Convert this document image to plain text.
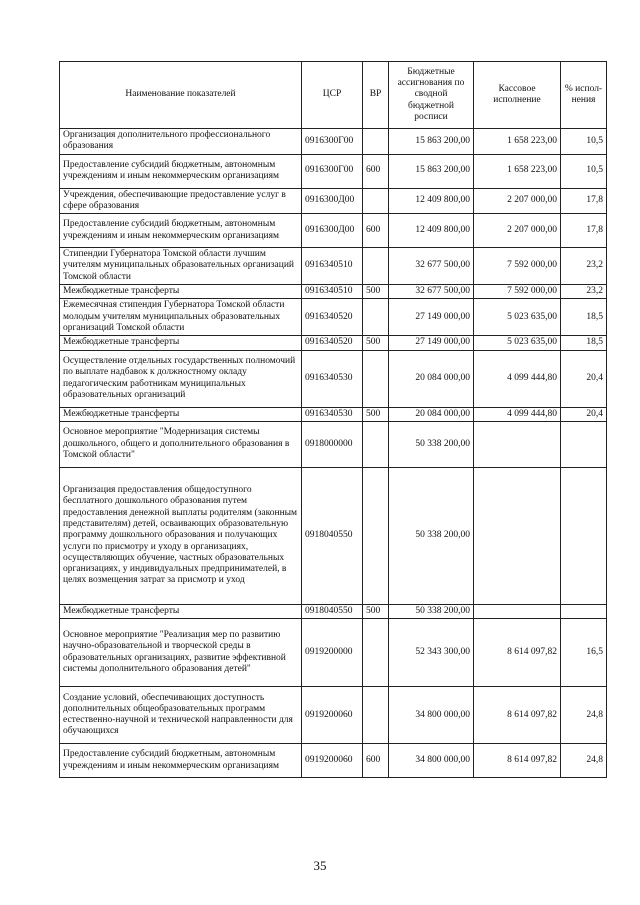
Наименование показателей	ЦСР	ВР	Бюджетные ассигнования по сводной бюджетной росписи	Кассовое исполнение	% испол-нения
Организация дополнительного профессионального образования	0916300Г00		15 863 200,00	1 658 223,00	10,5
Предоставление субсидий бюджетным, автономным учреждениям и иным некоммерческим организациям	0916300Г00	600	15 863 200,00	1 658 223,00	10,5
Учреждения, обеспечивающие предоставление услуг в сфере образования	0916300Д00		12 409 800,00	2 207 000,00	17,8
Предоставление субсидий бюджетным, автономным учреждениям и иным некоммерческим организациям	0916300Д00	600	12 409 800,00	2 207 000,00	17,8
Стипендии Губернатора Томской области лучшим учителям муниципальных образовательных организаций Томской области	0916340510		32 677 500,00	7 592 000,00	23,2
Межбюджетные трансферты	0916340510	500	32 677 500,00	7 592 000,00	23,2
Ежемесячная стипендия Губернатора Томской области молодым учителям муниципальных образовательных организаций Томской области	0916340520		27 149 000,00	5 023 635,00	18,5
Межбюджетные трансферты	0916340520	500	27 149 000,00	5 023 635,00	18,5
Осуществление отдельных государственных полномочий по выплате надбавок к должностному окладу педагогическим работникам муниципальных образовательных организаций	0916340530		20 084 000,00	4 099 444,80	20,4
Межбюджетные трансферты	0916340530	500	20 084 000,00	4 099 444,80	20,4
Основное мероприятие "Модернизация системы дошкольного, общего и дополнительного образования в Томской области"	0918000000		50 338 200,00		
Организация предоставления общедоступного бесплатного дошкольного образования путем предоставления денежной выплаты родителям (законным представителям) детей, осваивающих образовательную программу дошкольного образования и получающих услуги по присмотру и уходу в организациях, осуществляющих обучение, частных образовательных организациях, у индивидуальных предпринимателей, в целях возмещения затрат за присмотр и уход	0918040550		50 338 200,00		
Межбюджетные трансферты	0918040550	500	50 338 200,00		
Основное мероприятие "Реализация мер по развитию научно-образовательной и творческой среды в образовательных организациях, развитие эффективной системы дополнительного образования детей"	0919200000		52 343 300,00	8 614 097,82	16,5
Создание условий, обеспечивающих доступность дополнительных общеобразовательных программ естественно-научной и технической направленности для обучающихся	0919200060		34 800 000,00	8 614 097,82	24,8
Предоставление субсидий бюджетным, автономным учреждениям и иным некоммерческим организациям	0919200060	600	34 800 000,00	8 614 097,82	24,8
35
